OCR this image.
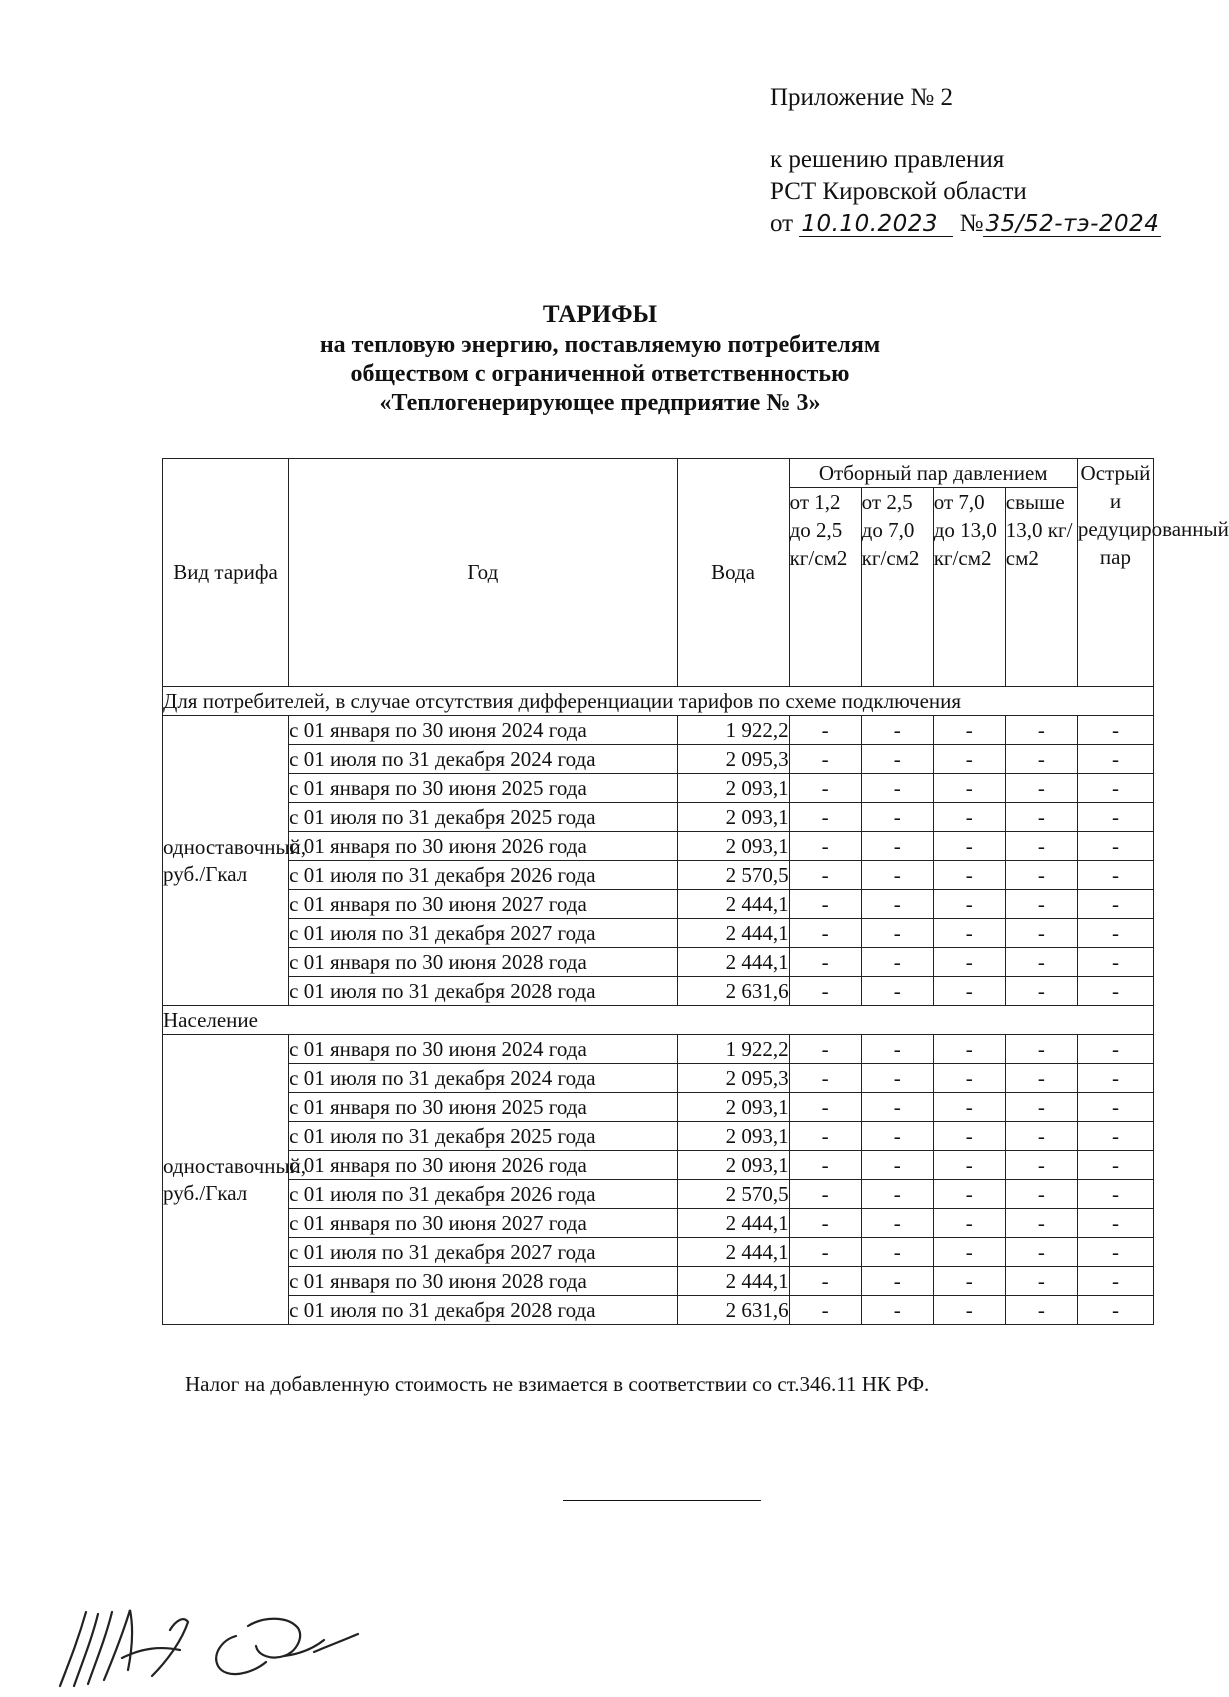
Приложение № 2
к решению правления
РСТ Кировской области
от 10.10.2023 №35/52-тэ-2024
ТАРИФЫ
на тепловую энергию, поставляемую потребителям
обществом с ограниченной ответственностью
«Теплогенерирующее предприятие № 3»
Вид тарифа	Год	Вода	Отборный пар давлением				Острый и редуцированный пар
			от 1,2 до 2,5 кг/см2	от 2,5 до 7,0 кг/см2	от 7,0 до 13,0 кг/см2	свыше 13,0 кг/см2	
Для потребителей, в случае отсутствия дифференциации тарифов по схеме подключения							
одноставочный, руб./Гкал	с 01 января по 30 июня 2024 года	1 922,2	-	-	-	-	-
	с 01 июля по 31 декабря 2024 года	2 095,3	-	-	-	-	-
	с 01 января по 30 июня 2025 года	2 093,1	-	-	-	-	-
	с 01 июля по 31 декабря 2025 года	2 093,1	-	-	-	-	-
	с 01 января по 30 июня 2026 года	2 093,1	-	-	-	-	-
	с 01 июля по 31 декабря 2026 года	2 570,5	-	-	-	-	-
	с 01 января по 30 июня 2027 года	2 444,1	-	-	-	-	-
	с 01 июля по 31 декабря 2027 года	2 444,1	-	-	-	-	-
	с 01 января по 30 июня 2028 года	2 444,1	-	-	-	-	-
	с 01 июля по 31 декабря 2028 года	2 631,6	-	-	-	-	-
Население							
одноставочный, руб./Гкал	с 01 января по 30 июня 2024 года	1 922,2	-	-	-	-	-
	с 01 июля по 31 декабря 2024 года	2 095,3	-	-	-	-	-
	с 01 января по 30 июня 2025 года	2 093,1	-	-	-	-	-
	с 01 июля по 31 декабря 2025 года	2 093,1	-	-	-	-	-
	с 01 января по 30 июня 2026 года	2 093,1	-	-	-	-	-
	с 01 июля по 31 декабря 2026 года	2 570,5	-	-	-	-	-
	с 01 января по 30 июня 2027 года	2 444,1	-	-	-	-	-
	с 01 июля по 31 декабря 2027 года	2 444,1	-	-	-	-	-
	с 01 января по 30 июня 2028 года	2 444,1	-	-	-	-	-
	с 01 июля по 31 декабря 2028 года	2 631,6	-	-	-	-	-
Налог на добавленную стоимость не взимается в соответствии со ст.346.11 НК РФ.
